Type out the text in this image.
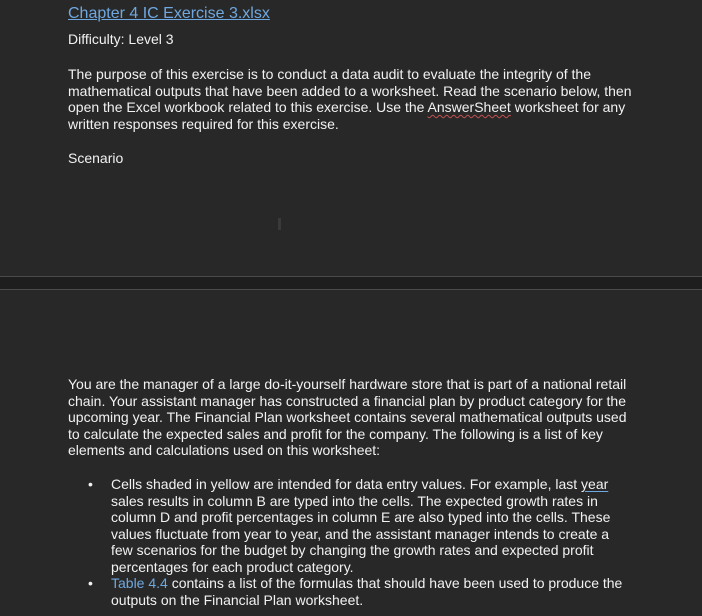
Chapter 4 IC Exercise 3.xlsx
Difficulty: Level 3
The purpose of this exercise is to conduct a data audit to evaluate the integrity of the mathematical outputs that have been added to a worksheet. Read the scenario below, then open the Excel workbook related to this exercise. Use the AnswerSheet worksheet for any written responses required for this exercise.
Scenario
You are the manager of a large do-it-yourself hardware store that is part of a national retail chain. Your assistant manager has constructed a financial plan by product category for the upcoming year. The Financial Plan worksheet contains several mathematical outputs used to calculate the expected sales and profit for the company. The following is a list of key elements and calculations used on this worksheet:
• Cells shaded in yellow are intended for data entry values. For example, last year sales results in column B are typed into the cells. The expected growth rates in column D and profit percentages in column E are also typed into the cells. These values fluctuate from year to year, and the assistant manager intends to create a few scenarios for the budget by changing the growth rates and expected profit percentages for each product category.
• Table 4.4 contains a list of the formulas that should have been used to produce the outputs on the Financial Plan worksheet.
